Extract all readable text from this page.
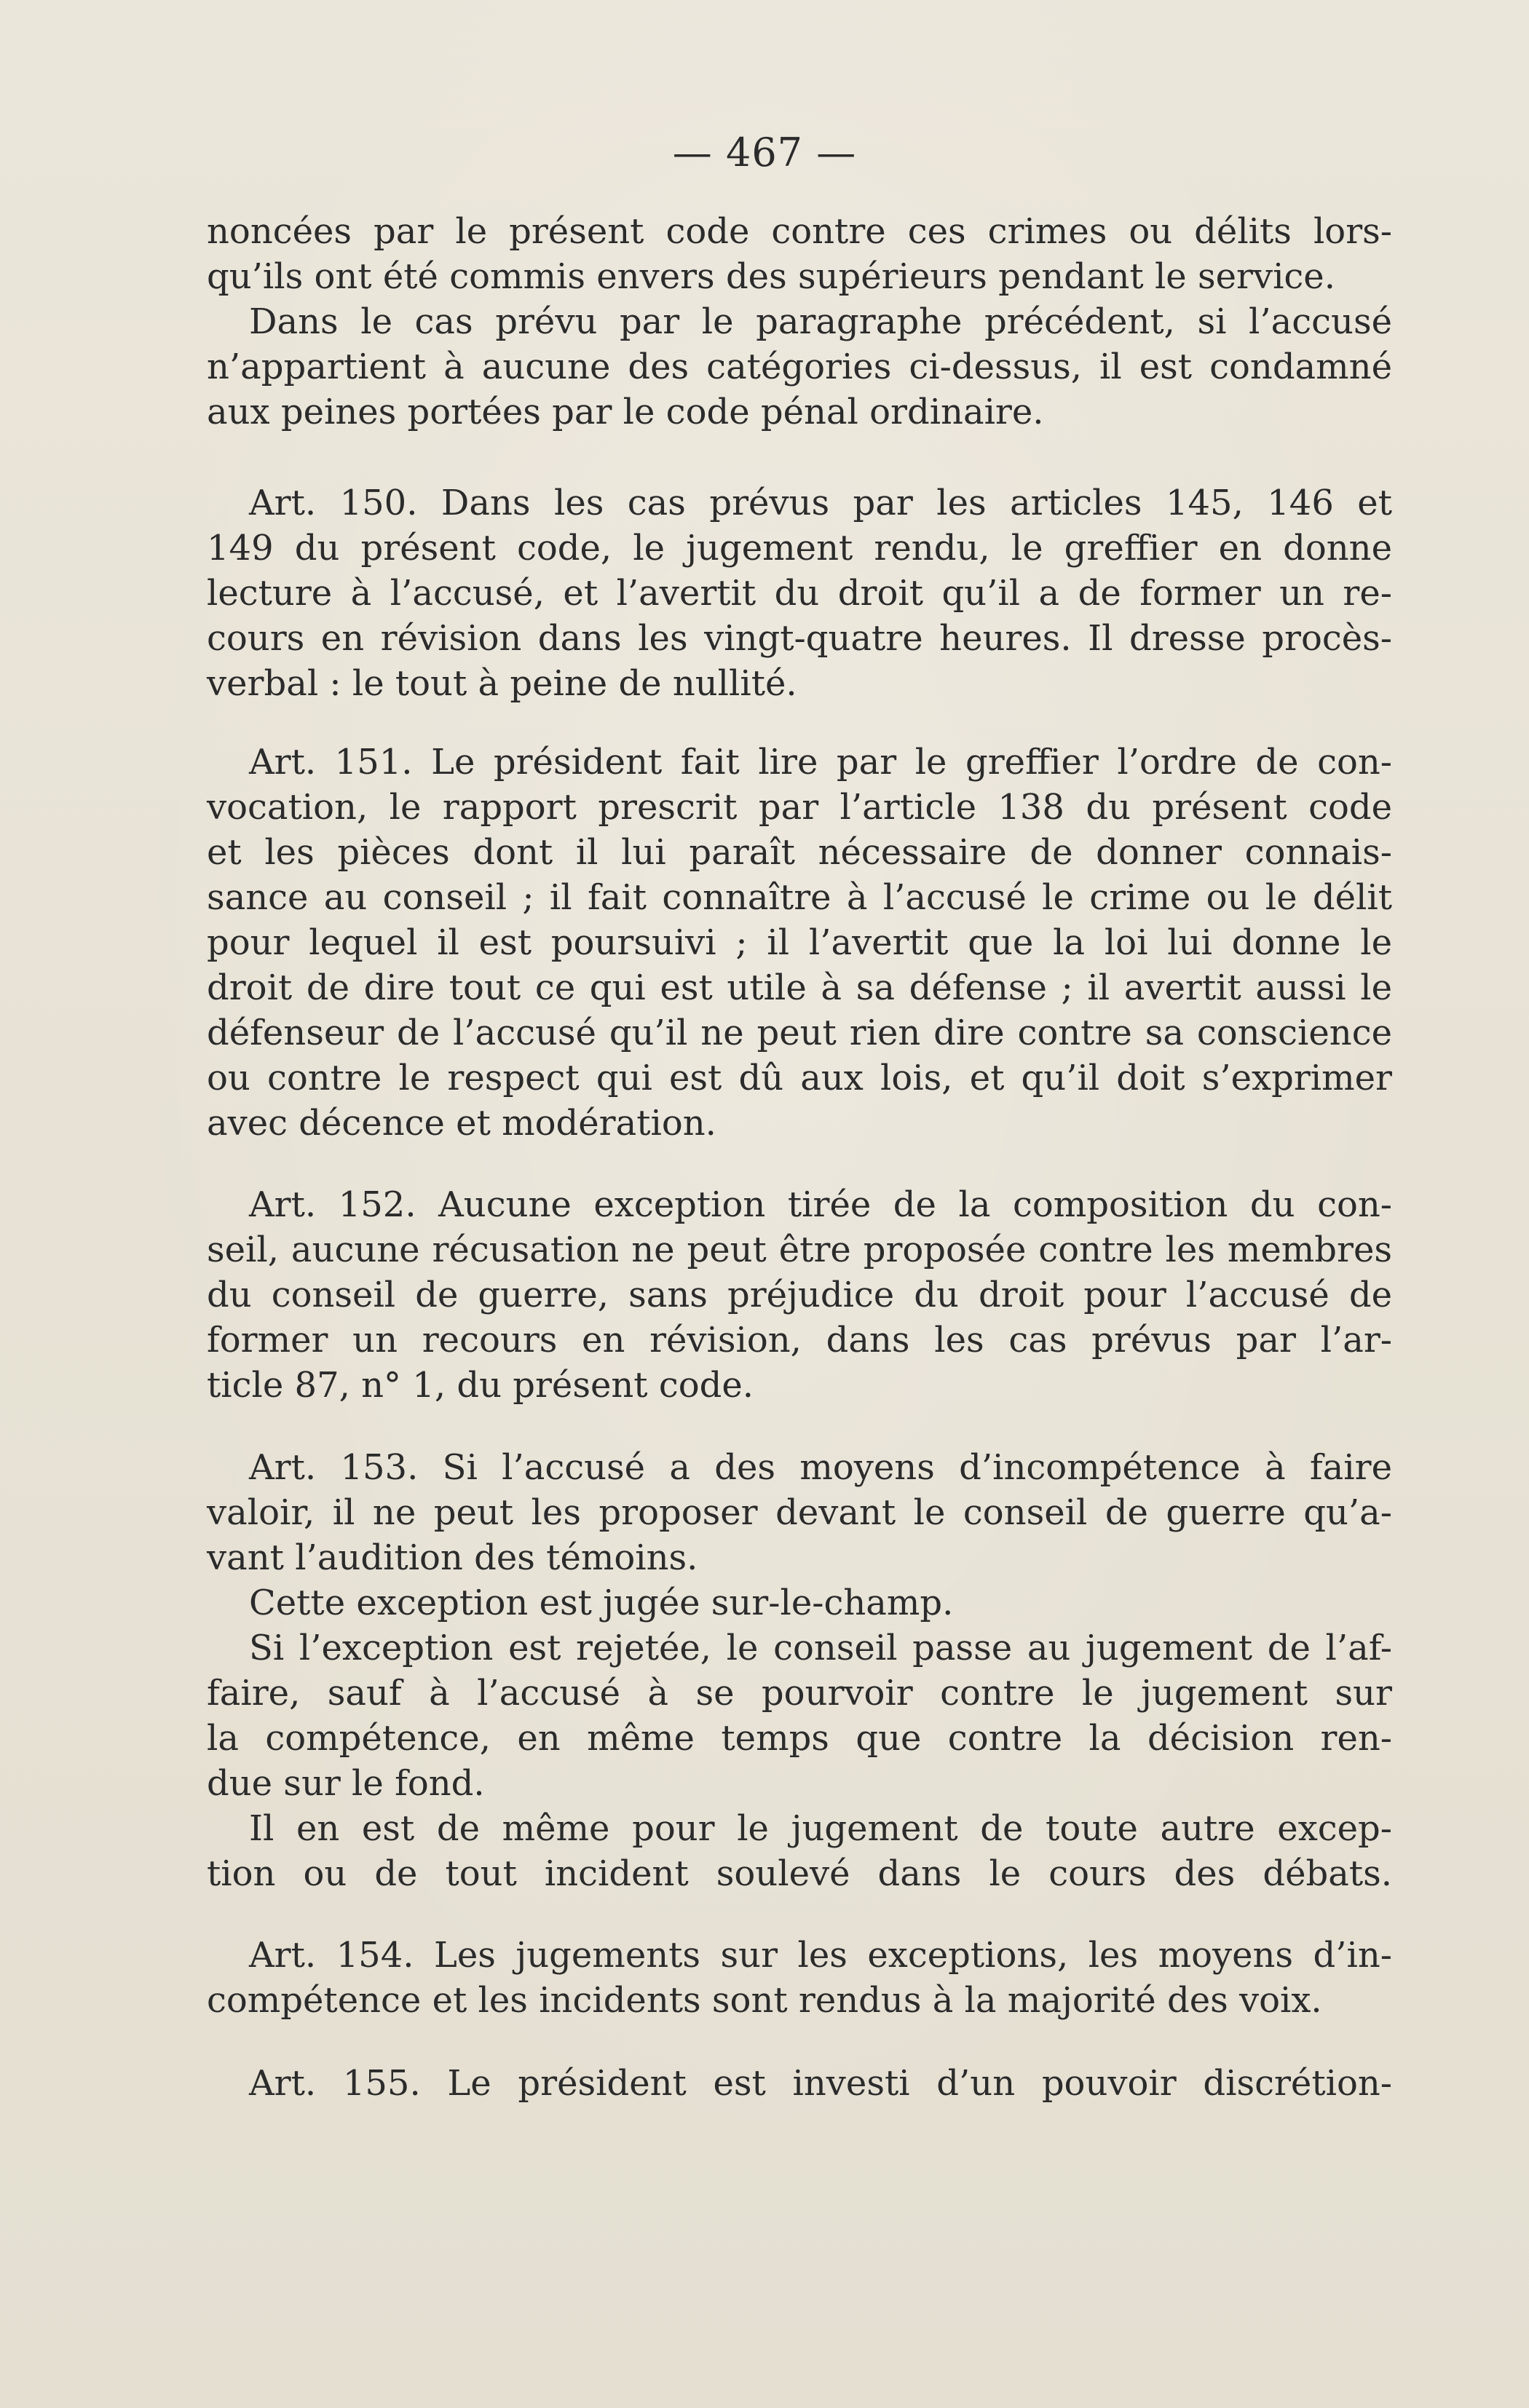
— 467 —
noncées par le présent code contre ces crimes ou délits lors-
qu’ils ont été commis envers des supérieurs pendant le service.
Dans le cas prévu par le paragraphe précédent, si l’accusé
n’appartient à aucune des catégories ci-dessus, il est condamné
aux peines portées par le code pénal ordinaire.
Art. 150. Dans les cas prévus par les articles 145, 146 et
149 du présent code, le jugement rendu, le greffier en donne
lecture à l’accusé, et l’avertit du droit qu’il a de former un re-
cours en révision dans les vingt-quatre heures. Il dresse procès-
verbal : le tout à peine de nullité.
Art. 151. Le président fait lire par le greffier l’ordre de con-
vocation, le rapport prescrit par l’article 138 du présent code
et les pièces dont il lui paraît nécessaire de donner connais-
sance au conseil ; il fait connaître à l’accusé le crime ou le délit
pour lequel il est poursuivi ; il l’avertit que la loi lui donne le
droit de dire tout ce qui est utile à sa défense ; il avertit aussi le
défenseur de l’accusé qu’il ne peut rien dire contre sa conscience
ou contre le respect qui est dû aux lois, et qu’il doit s’exprimer
avec décence et modération.
Art. 152. Aucune exception tirée de la composition du con-
seil, aucune récusation ne peut être proposée contre les membres
du conseil de guerre, sans préjudice du droit pour l’accusé de
former un recours en révision, dans les cas prévus par l’ar-
ticle 87, n° 1, du présent code.
Art. 153. Si l’accusé a des moyens d’incompétence à faire
valoir, il ne peut les proposer devant le conseil de guerre qu’a-
vant l’audition des témoins.
Cette exception est jugée sur-le-champ.
Si l’exception est rejetée, le conseil passe au jugement de l’af-
faire, sauf à l’accusé à se pourvoir contre le jugement sur
la compétence, en même temps que contre la décision ren-
due sur le fond.
Il en est de même pour le jugement de toute autre excep-
tion ou de tout incident soulevé dans le cours des débats.
Art. 154. Les jugements sur les exceptions, les moyens d’in-
compétence et les incidents sont rendus à la majorité des voix.
Art. 155. Le président est investi d’un pouvoir discrétion-
